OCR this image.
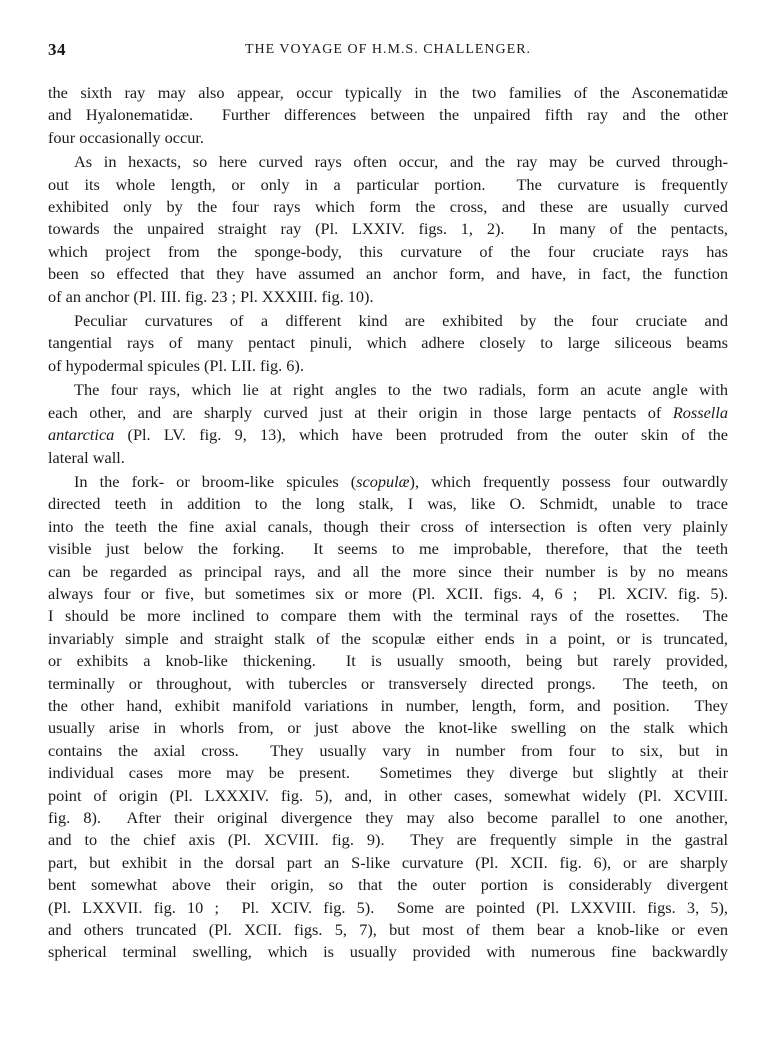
34	THE VOYAGE OF H.M.S. CHALLENGER.
the sixth ray may also appear, occur typically in the two families of the Asconematidæ
and Hyalonematidæ.  Further differences between the unpaired fifth ray and the other
four occasionally occur.
As in hexacts, so here curved rays often occur, and the ray may be curved through-
out its whole length, or only in a particular portion.  The curvature is frequently
exhibited only by the four rays which form the cross, and these are usually curved
towards the unpaired straight ray (Pl. LXXIV. figs. 1, 2).  In many of the pentacts,
which project from the sponge-body, this curvature of the four cruciate rays has
been so effected that they have assumed an anchor form, and have, in fact, the function
of an anchor (Pl. III. fig. 23 ; Pl. XXXIII. fig. 10).
Peculiar curvatures of a different kind are exhibited by the four cruciate and
tangential rays of many pentact pinuli, which adhere closely to large siliceous beams
of hypodermal spicules (Pl. LII. fig. 6).
The four rays, which lie at right angles to the two radials, form an acute angle with
each other, and are sharply curved just at their origin in those large pentacts of Rossella
antarctica (Pl. LV. fig. 9, 13), which have been protruded from the outer skin of the
lateral wall.
In the fork- or broom-like spicules (scopulæ), which frequently possess four outwardly
directed teeth in addition to the long stalk, I was, like O. Schmidt, unable to trace
into the teeth the fine axial canals, though their cross of intersection is often very plainly
visible just below the forking.  It seems to me improbable, therefore, that the teeth
can be regarded as principal rays, and all the more since their number is by no means
always four or five, but sometimes six or more (Pl. XCII. figs. 4, 6 ;  Pl. XCIV. fig. 5).
I should be more inclined to compare them with the terminal rays of the rosettes.  The
invariably simple and straight stalk of the scopulæ either ends in a point, or is truncated,
or exhibits a knob-like thickening.  It is usually smooth, being but rarely provided,
terminally or throughout, with tubercles or transversely directed prongs.  The teeth, on
the other hand, exhibit manifold variations in number, length, form, and position.  They
usually arise in whorls from, or just above the knot-like swelling on the stalk which
contains the axial cross.  They usually vary in number from four to six, but in
individual cases more may be present.  Sometimes they diverge but slightly at their
point of origin (Pl. LXXXIV. fig. 5), and, in other cases, somewhat widely (Pl. XCVIII.
fig. 8).  After their original divergence they may also become parallel to one another,
and to the chief axis (Pl. XCVIII. fig. 9).  They are frequently simple in the gastral
part, but exhibit in the dorsal part an S-like curvature (Pl. XCII. fig. 6), or are sharply
bent somewhat above their origin, so that the outer portion is considerably divergent
(Pl. LXXVII. fig. 10 ;  Pl. XCIV. fig. 5).  Some are pointed (Pl. LXXVIII. figs. 3, 5),
and others truncated (Pl. XCII. figs. 5, 7), but most of them bear a knob-like or even
spherical terminal swelling, which is usually provided with numerous fine backwardly
